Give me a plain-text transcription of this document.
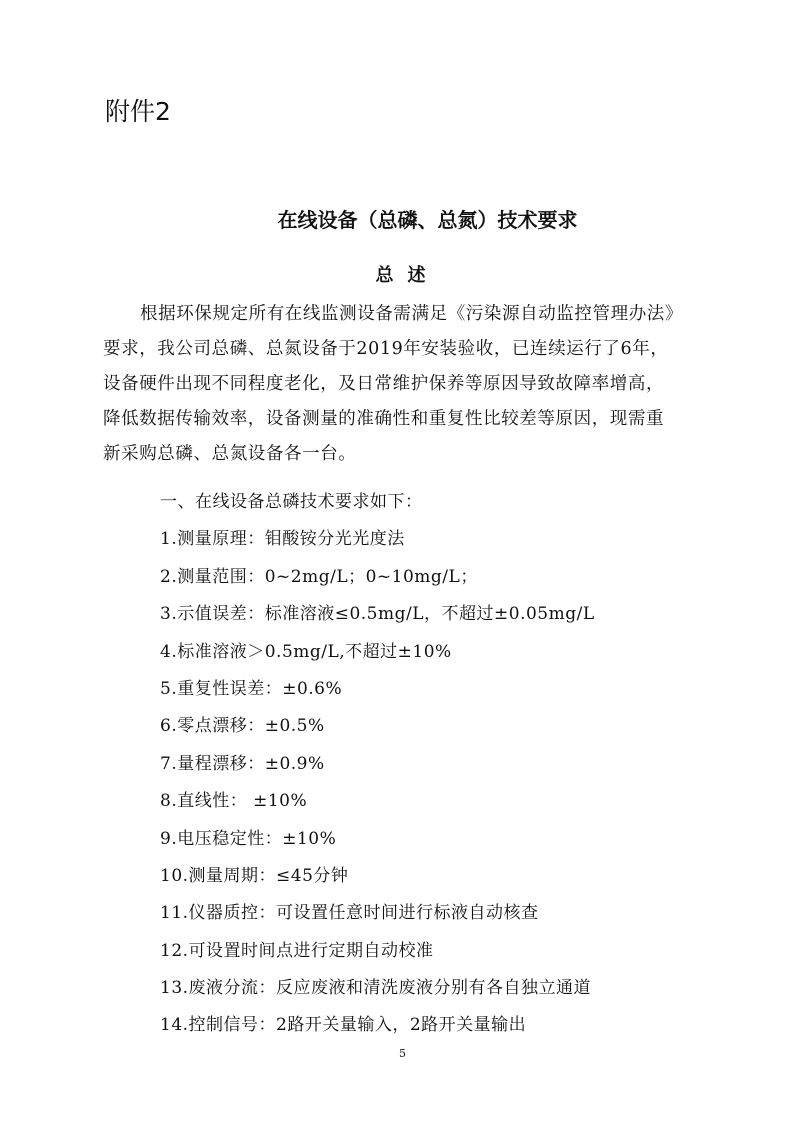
附件2
在线设备（总磷、总氮）技术要求
总述
根据环保规定所有在线监测设备需满足《污染源自动监控管理办法》
要求，我公司总磷、总氮设备于2019年安装验收，已连续运行了6年，
设备硬件出现不同程度老化，及日常维护保养等原因导致故障率增高，
降低数据传输效率，设备测量的准确性和重复性比较差等原因，现需重
新采购总磷、总氮设备各一台。
一、在线设备总磷技术要求如下：
1.测量原理：钼酸铵分光光度法
2.测量范围：0~2mg/L；0~10mg/L；
3.示值误差：标准溶液≤0.5mg/L，不超过±0.05mg/L
4.标准溶液＞0.5mg/L,不超过±10%
5.重复性误差：±0.6%
6.零点漂移：±0.5%
7.量程漂移：±0.9%
8.直线性： ±10%
9.电压稳定性：±10%
10.测量周期：≤45分钟
11.仪器质控：可设置任意时间进行标液自动核查
12.可设置时间点进行定期自动校准
13.废液分流：反应废液和清洗废液分别有各自独立通道
14.控制信号：2路开关量输入，2路开关量输出
5
